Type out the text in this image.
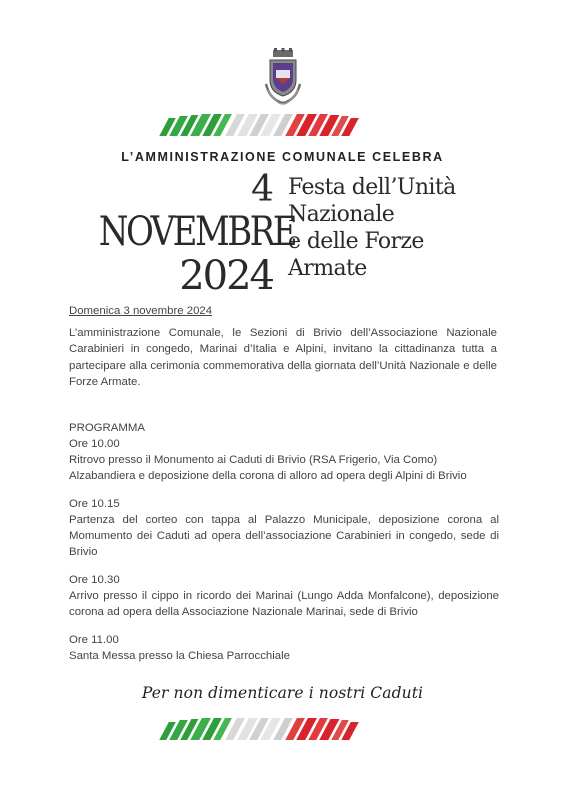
L’AMMINISTRAZIONE COMUNALE CELEBRA
4
NOVEMBRE
2024
Festa dell’Unità
Nazionale
e delle Forze
Armate
Domenica 3 novembre 2024

L’amministrazione Comunale, le Sezioni di Brivio dell’Associazione Nazionale Carabinieri in congedo, Marinai d’Italia e Alpini, invitano la cittadinanza tutta a partecipare alla cerimonia commemorativa della giornata dell’Unità Nazionale e delle Forze Armate.

PROGRAMMA
Ore 10.00

Ritrovo presso il Monumento ai Caduti di Brivio (RSA Frigerio, Via Como)

Alzabandiera e deposizione della corona di alloro ad opera degli Alpini di Brivio

Ore 10.15

Partenza del corteo con tappa al Palazzo Municipale, deposizione corona al Momumento dei Caduti ad opera dell’associazione Carabinieri in congedo, sede di Brivio

Ore 10.30

Arrivo presso il cippo in ricordo dei Marinai (Lungo Adda Monfalcone), deposizione corona ad opera della Associazione Nazionale Marinai, sede di Brivio

Ore 11.00

Santa Messa presso la Chiesa Parrocchiale

Per non dimenticare i nostri Caduti
